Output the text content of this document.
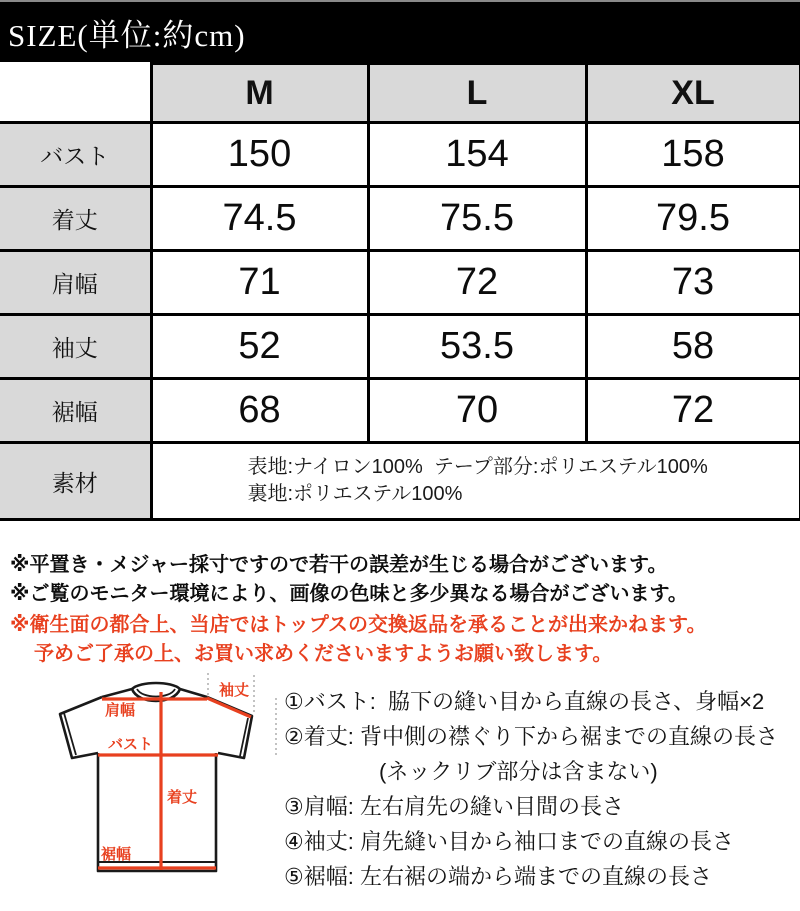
SIZE(単位:約cm)
	M	L	XL
バスト	150	154	158
着丈	74.5	75.5	79.5
肩幅	71	72	73
袖丈	52	53.5	58
裾幅	68	70	72
素材	表地:ナイロン100%  テープ部分:ポリエステル100%
裏地:ポリエステル100%		
※平置き・メジャー採寸ですので若干の誤差が生じる場合がございます。
※ご覧のモニター環境により、画像の色味と多少異なる場合がございます。
※衛生面の都合上、当店ではトップスの交換返品を承ることが出来かねます。
予めご了承の上、お買い求めくださいますようお願い致します。
袖丈
肩幅
バスト
着丈
裾幅
①バスト:  脇下の縫い目から直線の長さ、身幅×2
②着丈: 背中側の襟ぐり下から裾までの直線の長さ
(ネックリブ部分は含まない)
③肩幅: 左右肩先の縫い目間の長さ
④袖丈: 肩先縫い目から袖口までの直線の長さ
⑤裾幅: 左右裾の端から端までの直線の長さ
